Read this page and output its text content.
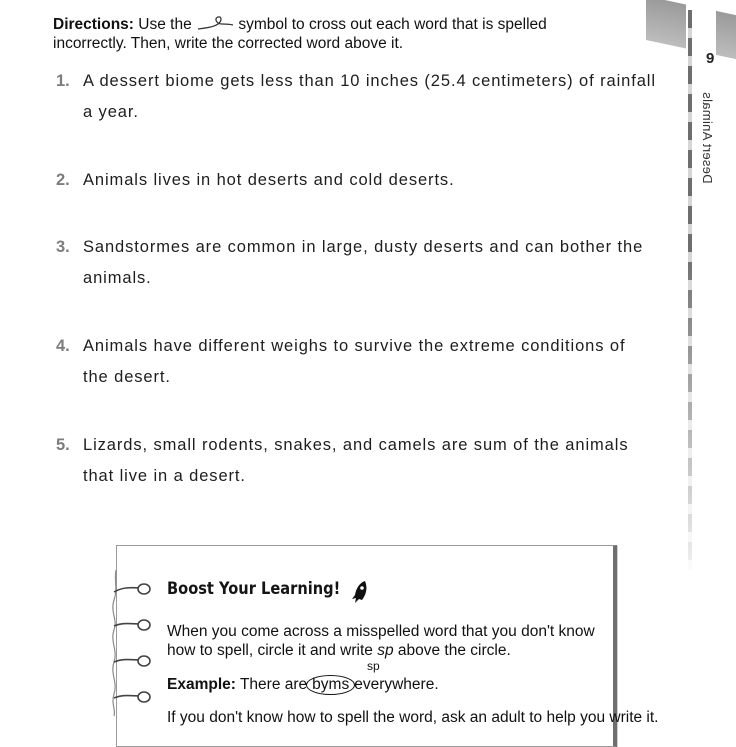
9
Desert Animals
Directions: Use the	symbol to cross out each word that is spelled
incorrectly. Then, write the corrected word above it.
1. A dessert biome gets less than 10 inches (25.4 centimeters) of rainfall a year.
2. Animals lives in hot deserts and cold deserts.
3. Sandstormes are common in large, dusty deserts and can bother the animals.
4. Animals have different weighs to survive the extreme conditions of the desert.
5. Lizards, small rodents, snakes, and camels are sum of the animals that live in a desert.
Boost Your Learning!
When you come across a misspelled word that you don't know how to spell, circle it and write sp above the circle.
sp
Example: There are byms everywhere.
If you don't know how to spell the word, ask an adult to help you write it.
